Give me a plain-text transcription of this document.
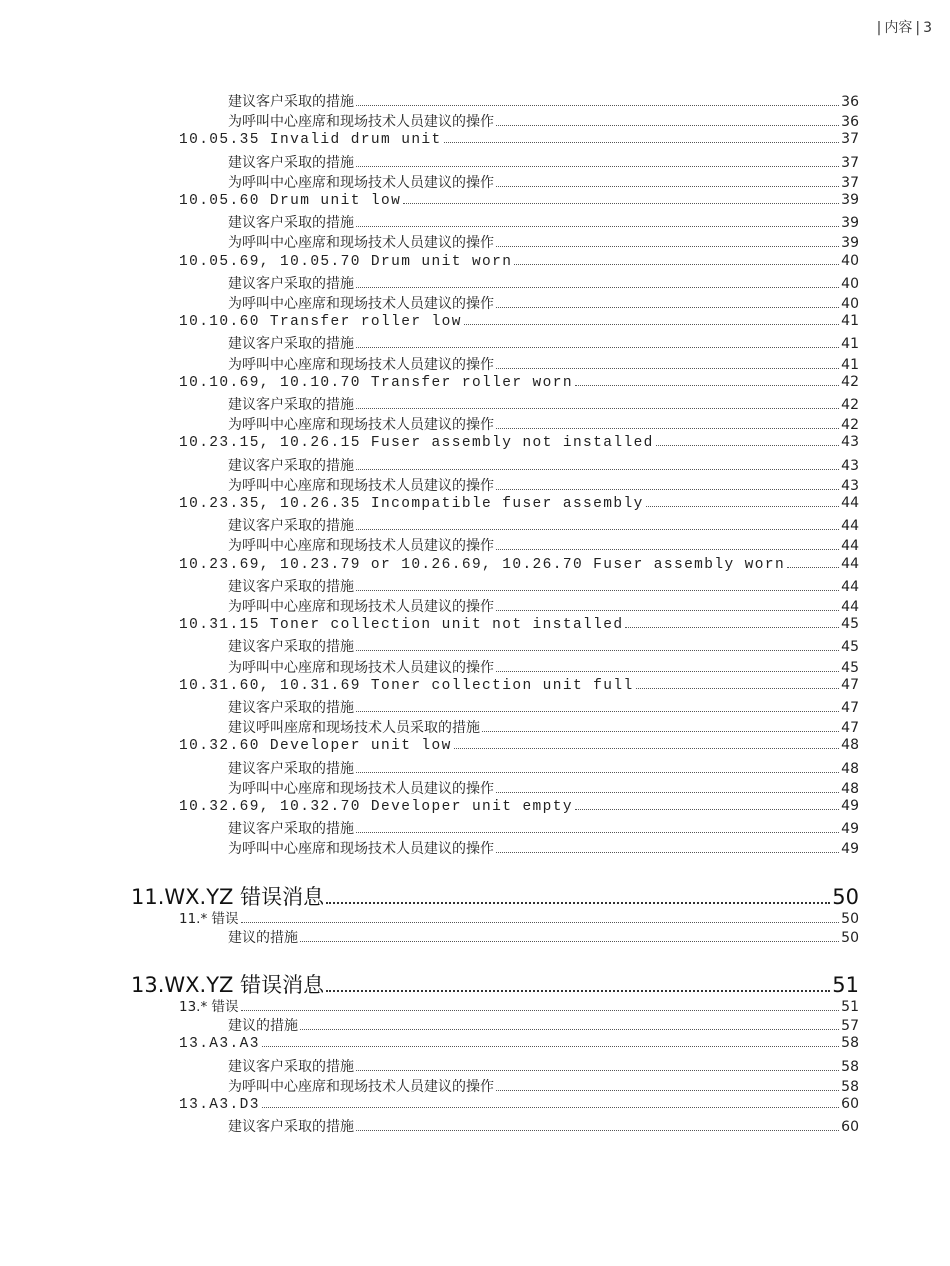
| 内容 | 3
建议客户采取的措施	36
为呼叫中心座席和现场技术人员建议的操作	36
10.05.35 Invalid drum unit	37
建议客户采取的措施	37
为呼叫中心座席和现场技术人员建议的操作	37
10.05.60 Drum unit low	39
建议客户采取的措施	39
为呼叫中心座席和现场技术人员建议的操作	39
10.05.69, 10.05.70 Drum unit worn	40
建议客户采取的措施	40
为呼叫中心座席和现场技术人员建议的操作	40
10.10.60 Transfer roller low	41
建议客户采取的措施	41
为呼叫中心座席和现场技术人员建议的操作	41
10.10.69, 10.10.70 Transfer roller worn	42
建议客户采取的措施	42
为呼叫中心座席和现场技术人员建议的操作	42
10.23.15, 10.26.15 Fuser assembly not installed	43
建议客户采取的措施	43
为呼叫中心座席和现场技术人员建议的操作	43
10.23.35, 10.26.35 Incompatible fuser assembly	44
建议客户采取的措施	44
为呼叫中心座席和现场技术人员建议的操作	44
10.23.69, 10.23.79 or 10.26.69, 10.26.70 Fuser assembly worn	44
建议客户采取的措施	44
为呼叫中心座席和现场技术人员建议的操作	44
10.31.15 Toner collection unit not installed	45
建议客户采取的措施	45
为呼叫中心座席和现场技术人员建议的操作	45
10.31.60, 10.31.69 Toner collection unit full	47
建议客户采取的措施	47
建议呼叫座席和现场技术人员采取的措施	47
10.32.60 Developer unit low	48
建议客户采取的措施	48
为呼叫中心座席和现场技术人员建议的操作	48
10.32.69, 10.32.70 Developer unit empty	49
建议客户采取的措施	49
为呼叫中心座席和现场技术人员建议的操作	49
11.WX.YZ 错误消息	50
11.* 错误	50
建议的措施	50
13.WX.YZ 错误消息	51
13.* 错误	51
建议的措施	57
13.A3.A3	58
建议客户采取的措施	58
为呼叫中心座席和现场技术人员建议的操作	58
13.A3.D3	60
建议客户采取的措施	60
